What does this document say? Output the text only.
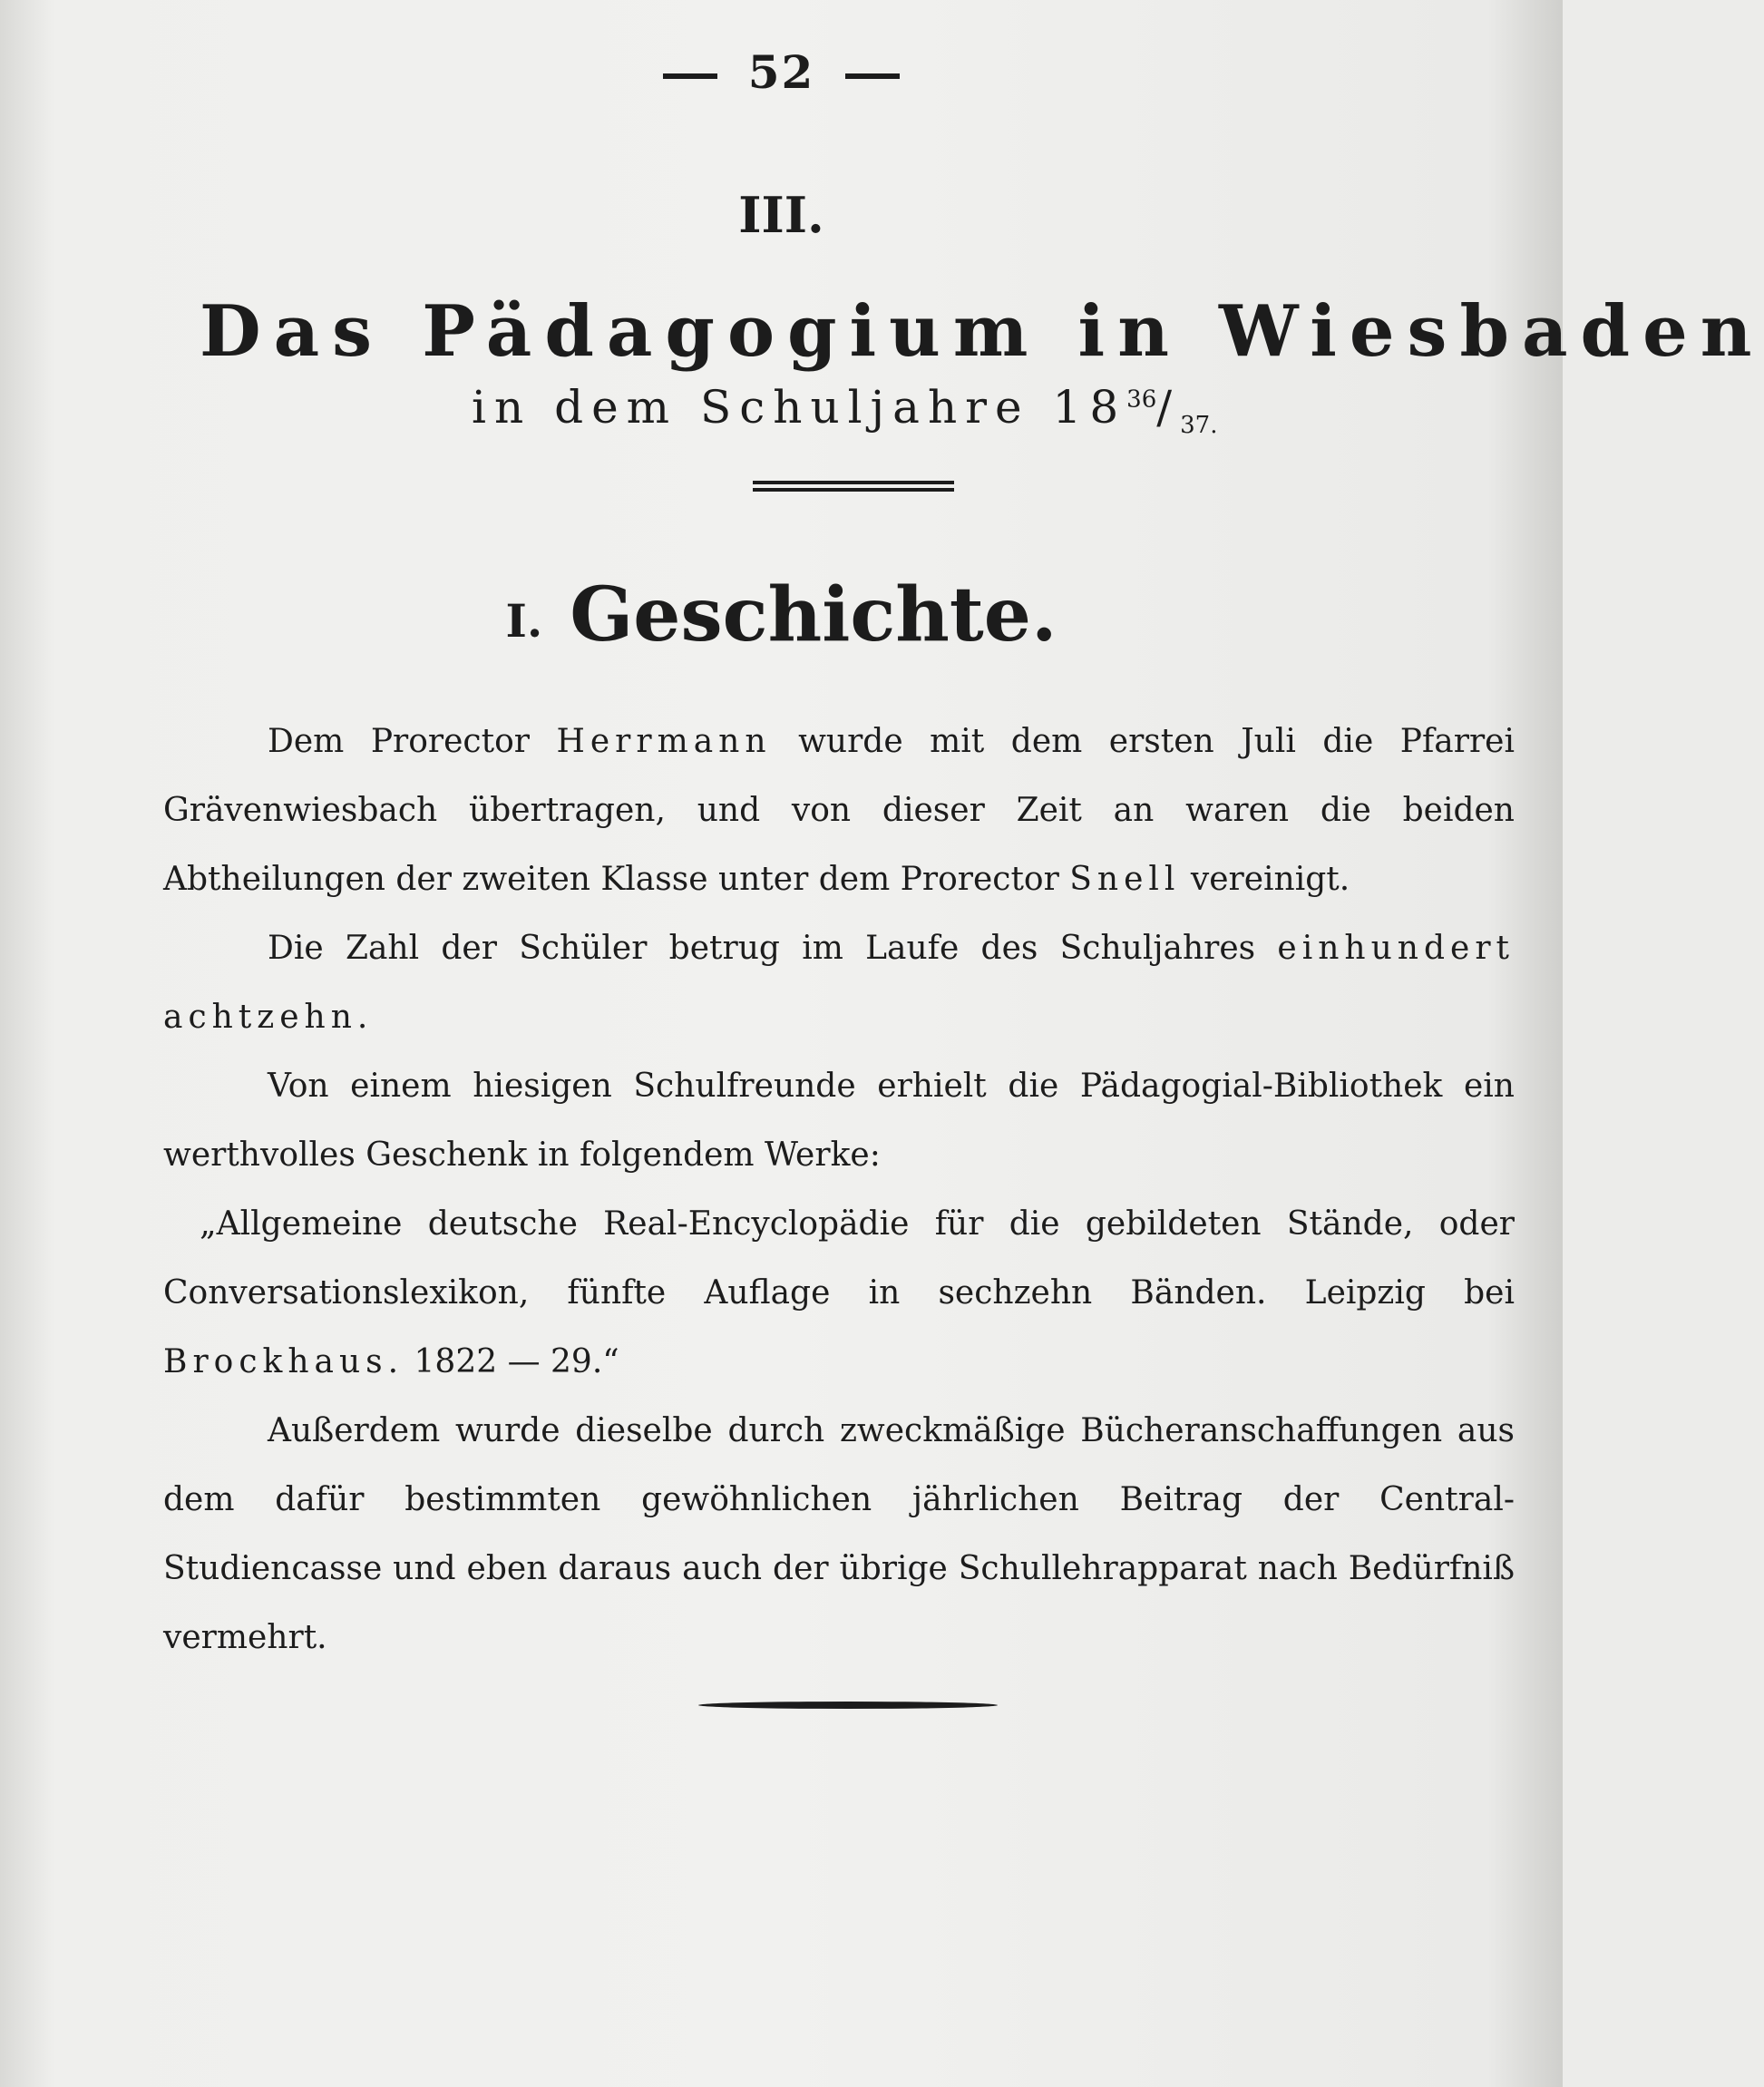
52
III.
Das Pädagogium in Wiesbaden
in dem Schuljahre $18^{36}/_{37.}$
I. Geschichte.

Dem Prorector Herrmann wurde mit dem ersten Juli die Pfarrei Grävenwiesbach übertragen, und von dieser Zeit an waren die beiden Abtheilungen der zweiten Klasse unter dem Prorector Snell vereinigt.

Die Zahl der Schüler betrug im Laufe des Schuljahres einhundert achtzehn.

Von einem hiesigen Schulfreunde erhielt die Pädagogial-Bibliothek ein werthvolles Geschenk in folgendem Werke:

„Allgemeine deutsche Real-Encyclopädie für die gebildeten Stände, oder Conversationslexikon, fünfte Auflage in sechzehn Bänden. Leipzig bei Brockhaus. 1822 — 29.“

Außerdem wurde dieselbe durch zweckmäßige Bücheranschaffungen aus dem dafür bestimmten gewöhnlichen jährlichen Beitrag der Central-Studiencasse und eben daraus auch der übrige Schullehrapparat nach Bedürfniß vermehrt.
